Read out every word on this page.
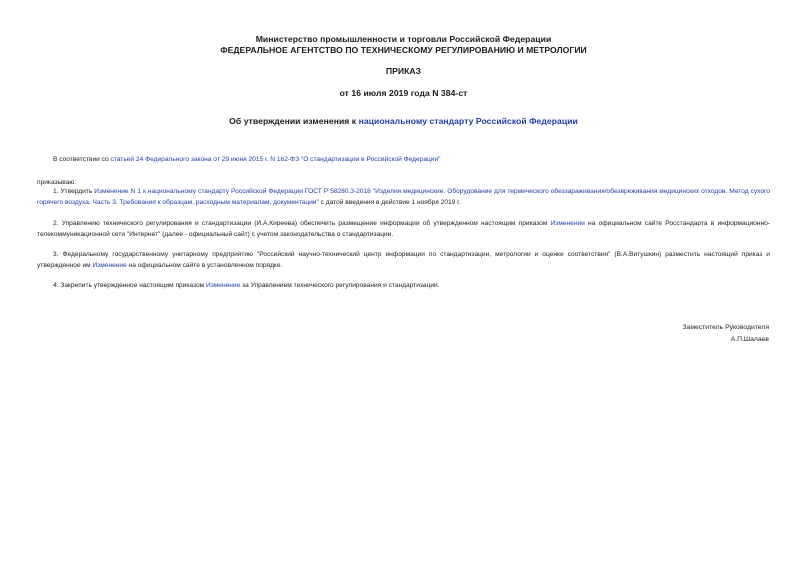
Министерство промышленности и торговли Российской Федерации
ФЕДЕРАЛЬНОЕ АГЕНТСТВО ПО ТЕХНИЧЕСКОМУ РЕГУЛИРОВАНИЮ И МЕТРОЛОГИИ
ПРИКАЗ
от 16 июля 2019 года N 384-ст
Об утверждении изменения к национальному стандарту Российской Федерации
В соответствии со статьей 24 Федерального закона от 29 июня 2015 г. N 162-ФЗ "О стандартизации в Российской Федерации"
приказываю:
1. Утвердить Изменение N 1 к национальному стандарту Российской Федерации ГОСТ Р 58280.3-2018 "Изделия медицинские. Оборудование для термического обеззараживания/обезвреживания медицинских отходов. Метод сухого горячего воздуха. Часть 3. Требования к образцам, расходным материалам, документации" с датой введения в действие 1 ноября 2019 г.
2. Управлению технического регулирования и стандартизации (И.А.Киреева) обеспечить размещение информации об утвержденном настоящим приказом Изменении на официальном сайте Росстандарта в информационно-телекоммуникационной сети "Интернет" (далее - официальный сайт) с учетом законодательства о стандартизации.
3. Федеральному государственному унитарному предприятию "Российский научно-технический центр информации по стандартизации, метрологии и оценке соответствия" (В.А.Витушкин) разместить настоящий приказ и утвержденное им Изменение на официальном сайте в установленном порядке.
4. Закрепить утвержденное настоящим приказом Изменение за Управлением технического регулирования и стандартизации.
Заместитель Руководителя
А.П.Шалаев
